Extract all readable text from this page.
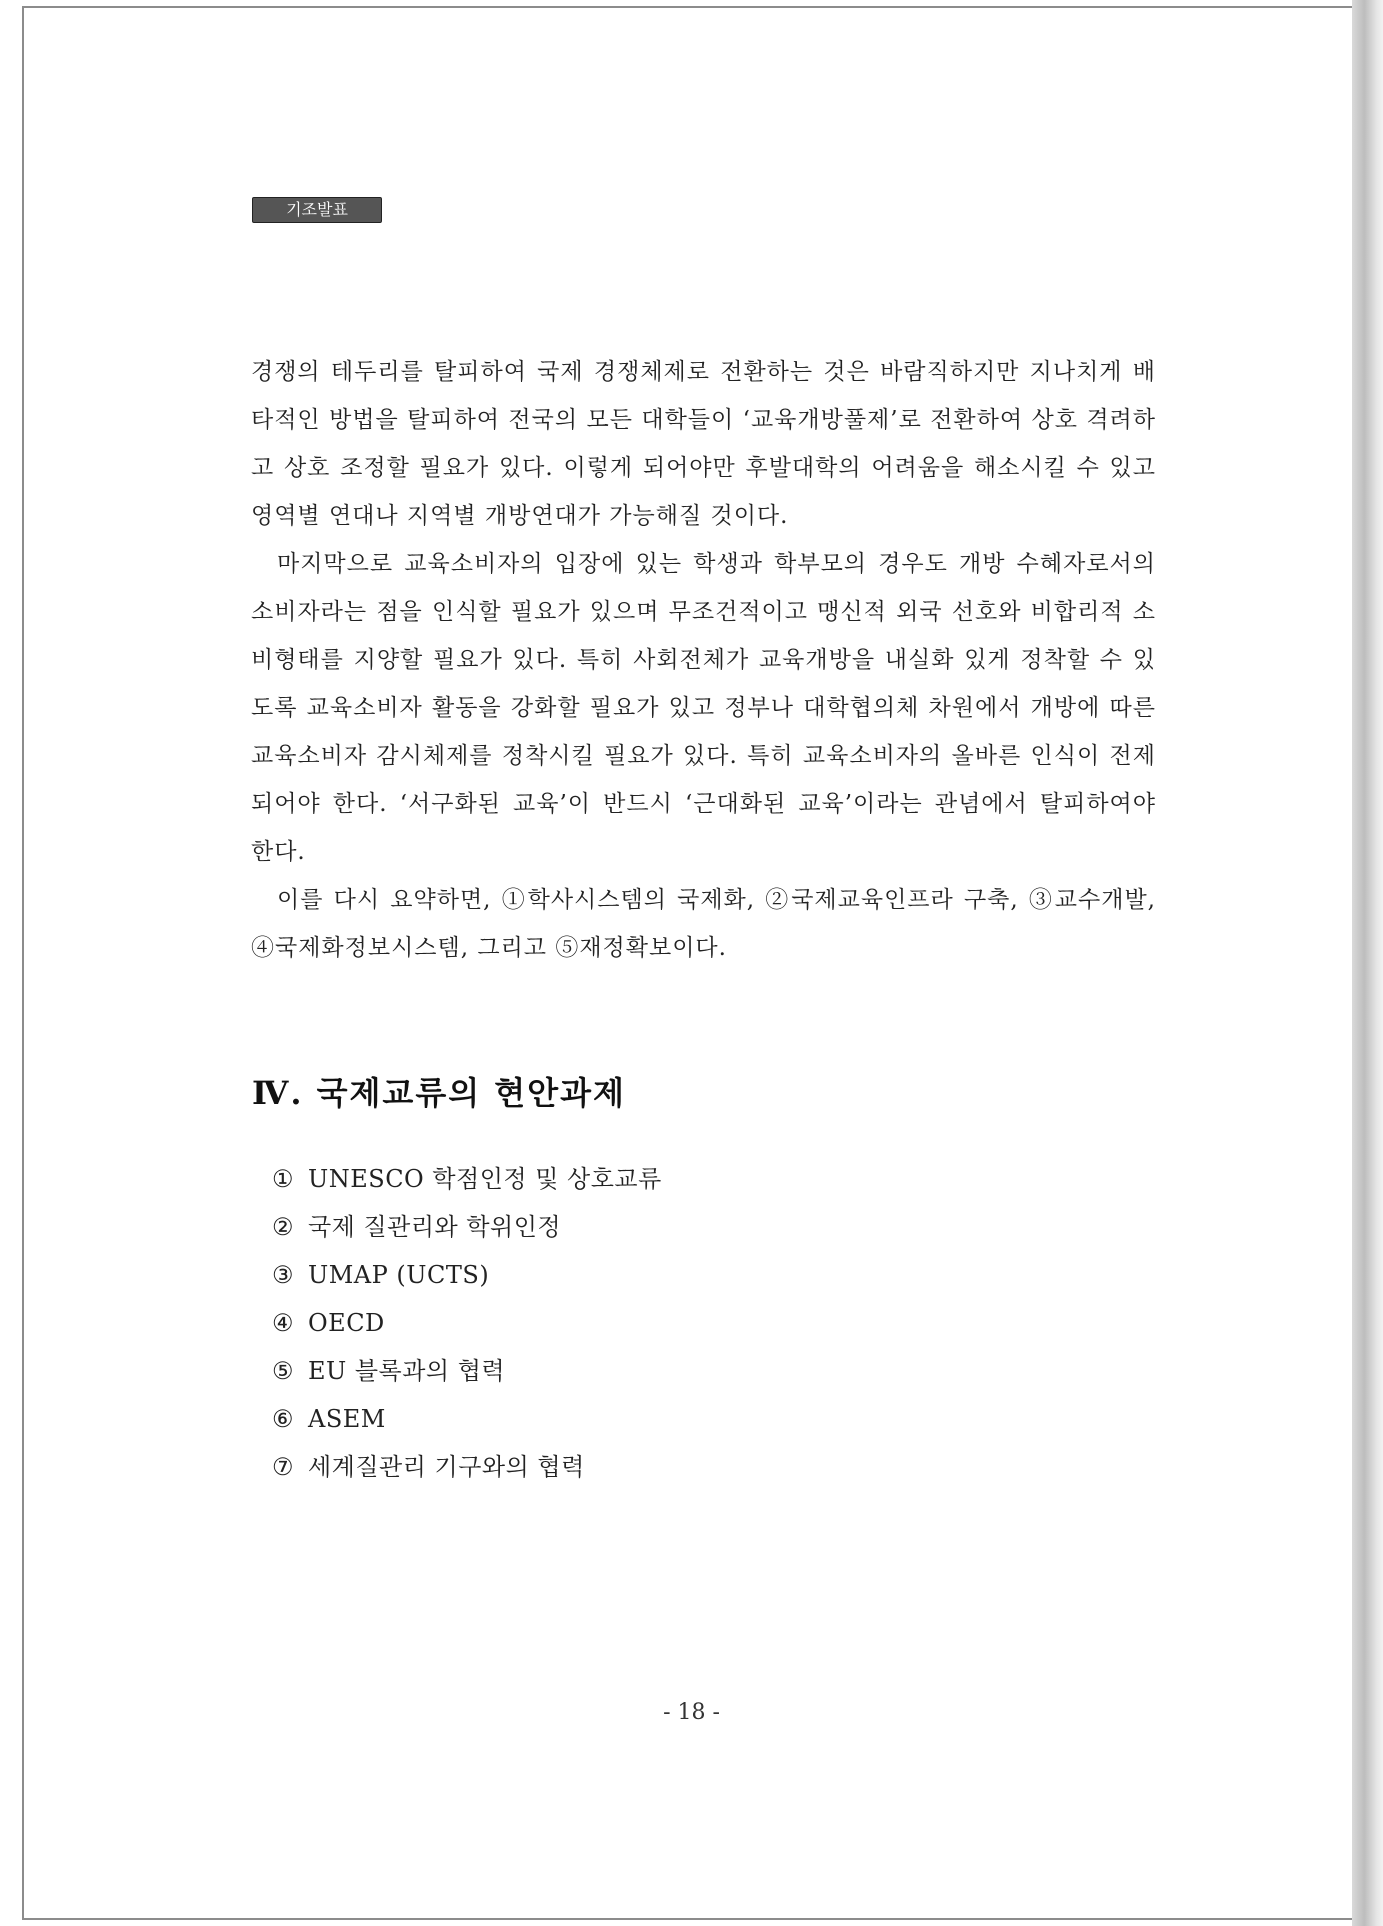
기조발표

경쟁의 테두리를 탈피하여 국제 경쟁체제로 전환하는 것은 바람직하지만 지나치게 배타적인 방법을 탈피하여 전국의 모든 대학들이 ‘교육개방풀제’로 전환하여 상호 격려하고 상호 조정할 필요가 있다. 이렇게 되어야만 후발대학의 어려움을 해소시킬 수 있고 영역별 연대나 지역별 개방연대가 가능해질 것이다.

마지막으로 교육소비자의 입장에 있는 학생과 학부모의 경우도 개방 수혜자로서의 소비자라는 점을 인식할 필요가 있으며 무조건적이고 맹신적 외국 선호와 비합리적 소비형태를 지양할 필요가 있다. 특히 사회전체가 교육개방을 내실화 있게 정착할 수 있도록 교육소비자 활동을 강화할 필요가 있고 정부나 대학협의체 차원에서 개방에 따른 교육소비자 감시체제를 정착시킬 필요가 있다. 특히 교육소비자의 올바른 인식이 전제되어야 한다. ‘서구화된 교육’이 반드시 ‘근대화된 교육’이라는 관념에서 탈피하여야 한다.

이를 다시 요약하면, ①학사시스템의 국제화, ②국제교육인프라 구축, ③교수개발, ④국제화정보시스템, 그리고 ⑤재정확보이다.

Ⅳ. 국제교류의 현안과제
① UNESCO 학점인정 및 상호교류
② 국제 질관리와 학위인정
③ UMAP (UCTS)
④ OECD
⑤ EU 블록과의 협력
⑥ ASEM
⑦ 세계질관리 기구와의 협력
- 18 -
